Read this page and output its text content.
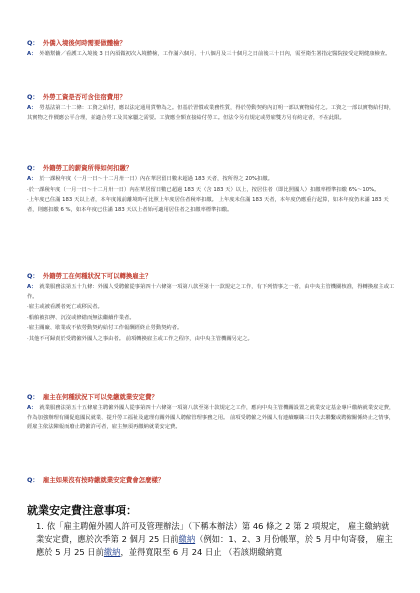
Q： 外僑入境後何時需要做體檢？

A： 外籍幫傭／看護工入境後 3 日內須做初次入境體檢，工作滿六個月、十八個月及三十個月之日前後三十日內，需至衛生署指定醫院接受定期健康檢查。

Q： 外勞工資是否可含住宿費用？

A： 勞基法第二十二條：工資之給付，應以法定通用貨幣為之。但基於習慣或業務性質，得於勞動契約內訂明一部以實物給付之。工資之一部以實物給付時，其實物之作價應公平合理，並適合勞工及其家屬之需要。工資應全額直接給付勞工。但法令另有規定或勞雇雙方另有約定者，不在此限。

Q： 外籍勞工的薪資所得如何扣繳？

A： 於一課稅年度（一月一日～十二月卅一日）內在華居留日數未超過 183 天者，按所得之 20%扣繳。

‧於一課稅年度（一月一日～十二月卅一日）內在華居留日數已超過 183 天（含 183 天）以上，按居住者（即比照國人）扣繳率標準扣繳 6%～10%。

‧上年度已住滿 183 天以上者，本年度報前離境時可比照上年度居住者稅率扣繳。 上年度未住滿 183 天者，本年度仍應重行起算，如本年度仍未滿 183 天者，則應扣繳 6 %，如本年度已住滿 183 天以上者始可適用居住者之扣繳率標準扣繳。

Q： 外籍勞工在何種狀況下可以轉換雇主？

A： 就業服務法第五十九條：外國人受聘僱從事第四十六條第一項第八款至第十一款規定之工作，有下列情事之一者，由中央主管機關核准，得轉換雇主或工作。

‧雇主或被看護者死亡或移民者。

‧船舶被扣押、沉沒或修繕而無法繼續作業者。

‧雇主關廠、歇業或不依勞動契約給付工作報酬經終止勞動契約者。

‧其他不可歸責於受聘僱外國人之事由者。 前項轉換雇主或工作之程序，由中央主管機關另定之。

Q： 雇主在何種狀況下可以免繳就業安定費？

A： 就業服務法第五十五條雇主聘僱外國人從事第四十六條第一項第八款至第十款規定之工作，應向中央主管機關設置之就業安定基金專戶繳納就業安定費，作為加強辦理有關促進國民就業、提升勞工福祉及處理有關外國人聘僱管理事務之用。 前項受聘僱之外國人有連續曠職三日失去聯繫或聘僱關係終止之情事，經雇主依法陳報而廢止聘僱許可者，雇主無須再繳納就業安定費。

Q： 雇主如果沒有按時繳就業安定費會怎麼樣？
就業安定費注意事項：
1. 依「雇主聘僱外國人許可及管理辦法」（下稱本辦法）第 46 條之 2 第 2 項規定， 雇主繳納就業安定費，應於次季第 2 個月 25 日前繳納（例如：1、2、3 月份帳單，於 5 月中旬寄發， 雇主應於 5 月 25 日前繳納，並得寬限至 6 月 24 日止 （若該期繳納寬
